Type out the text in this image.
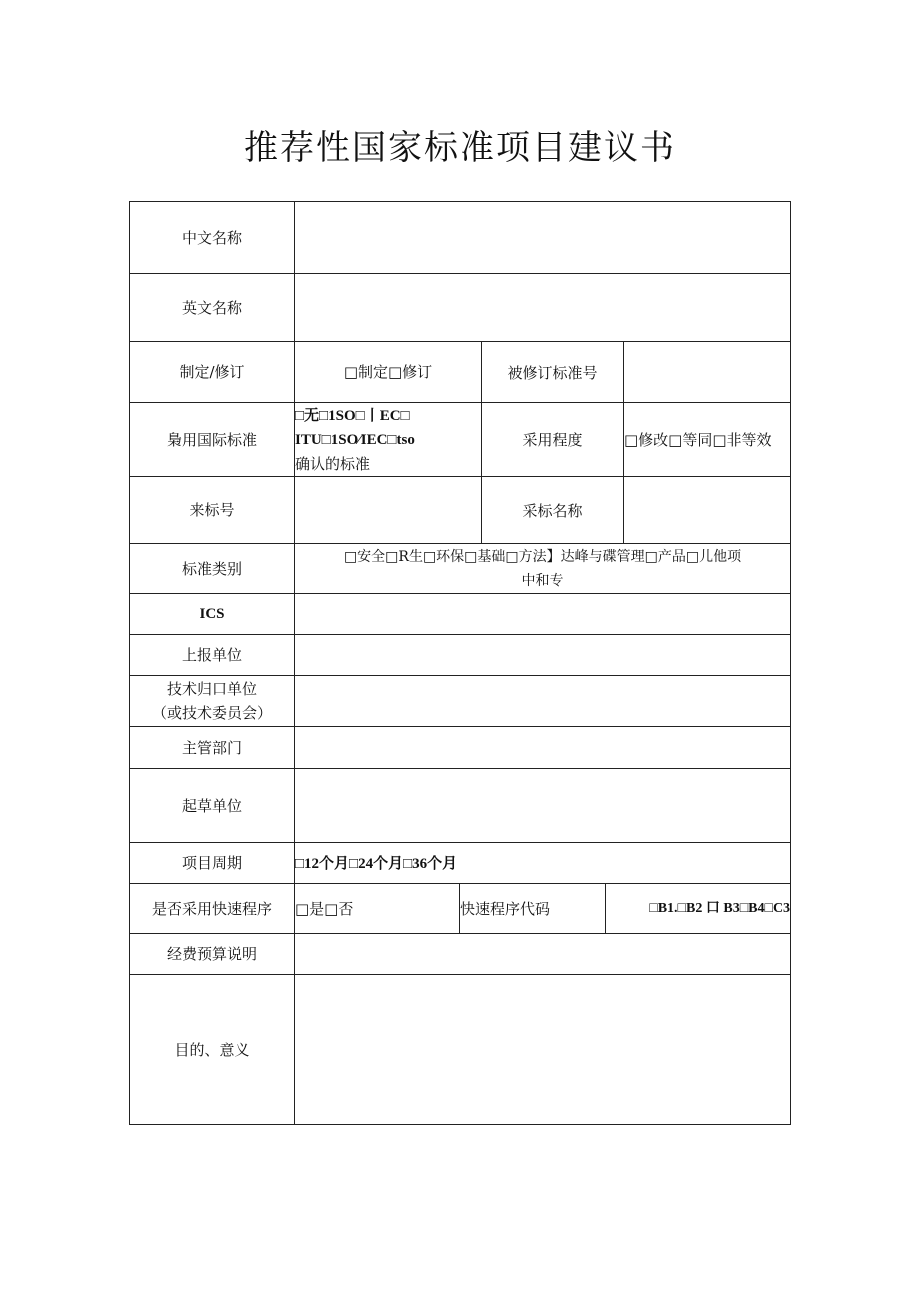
推荐性国家标准项目建议书
中文名称					
英文名称					
制定/修订	□制定□修订		被修订标准号		
梟用国际标准	□无□1SO□丨EC□
ITU□1SO∕IEC□tso
确认的标准		采用程度		□修改□等同□非等效
来标号			采标名称		
标准类别	□安全□R生□环保□基础□方法】达峰与碟管理□产品□儿他项
中和专				

ICS					
上报单位					

技术归口单位
（或技术委员会）					

主管部门					
起草单位					
项目周期	□12个月□24个月□36个月				
是否采用快速程序	□是□否	快速程序代码		□B1.□B2 口 B3□B4□C3	
经费预算说明					
目的、意义					
